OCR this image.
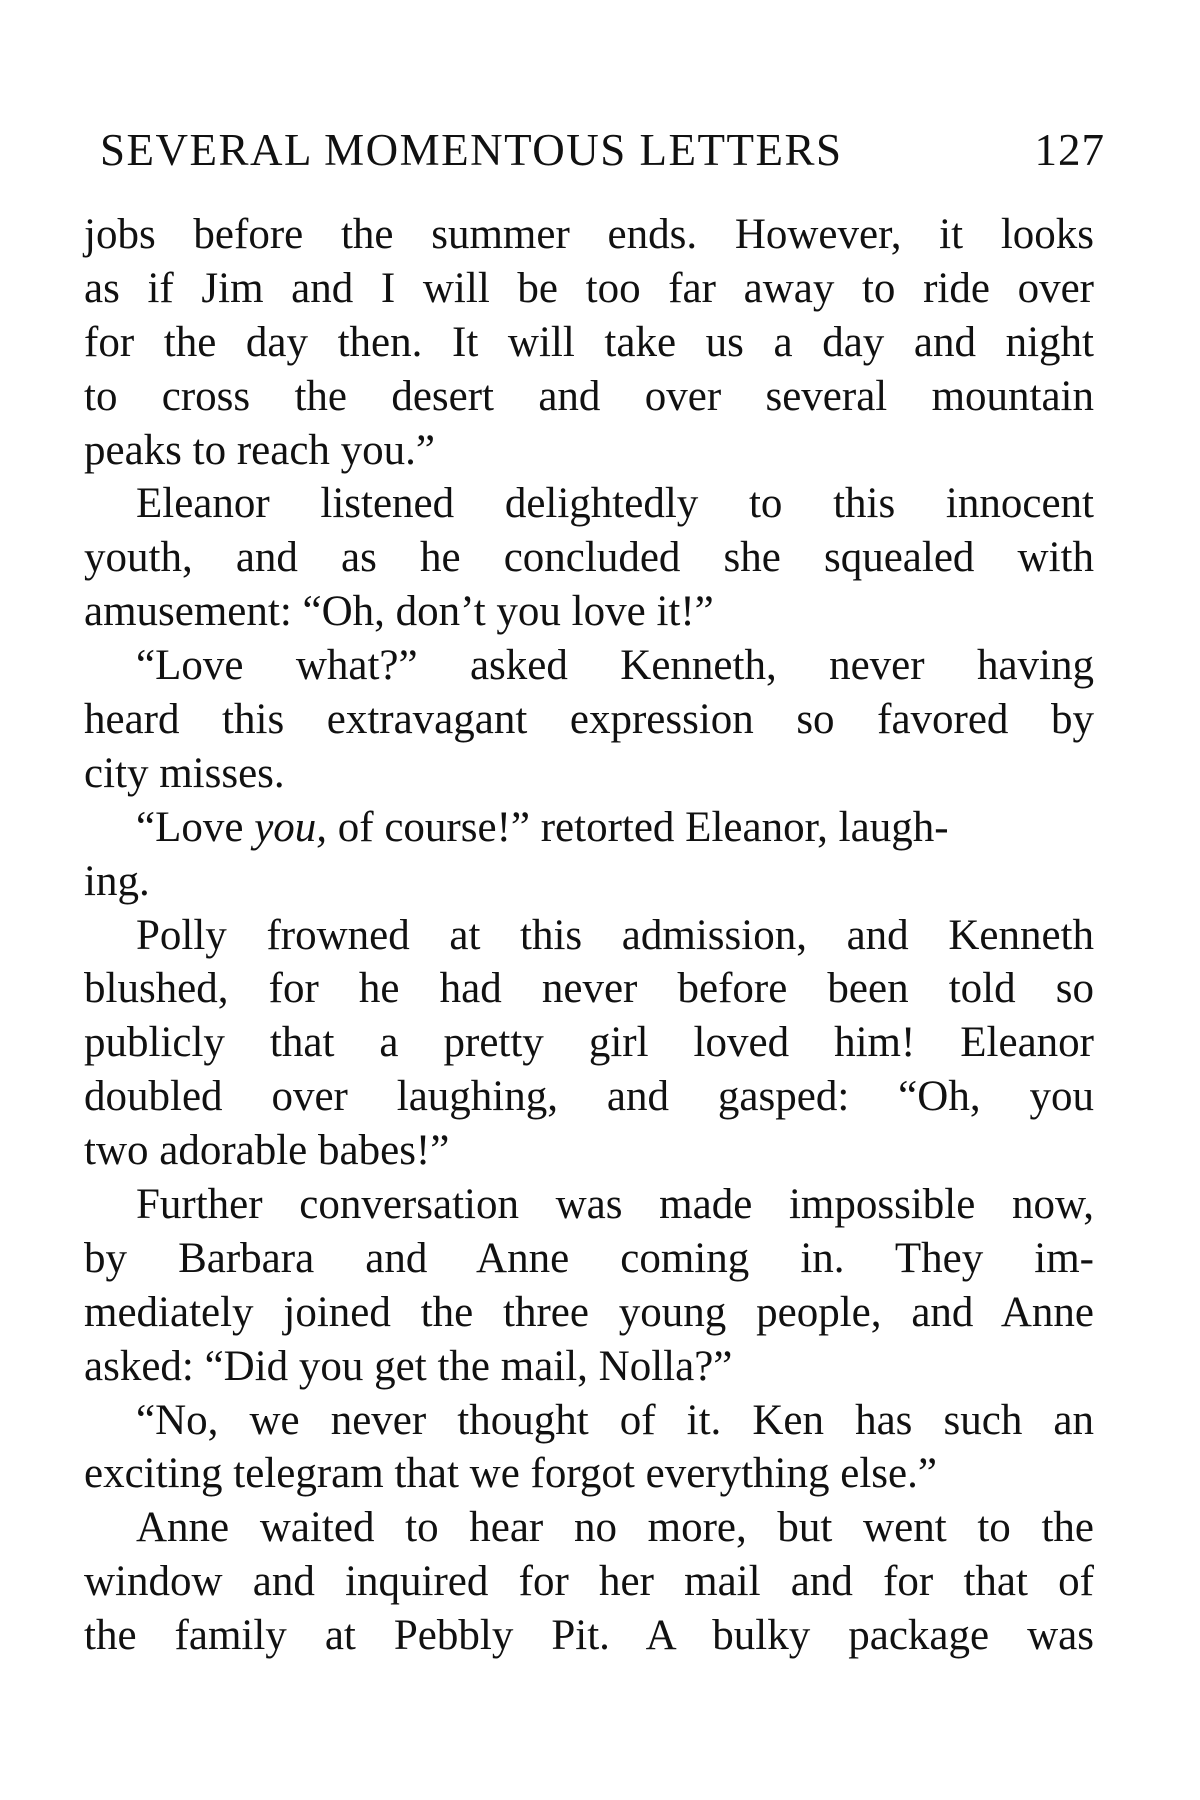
SEVERAL MOMENTOUS LETTERS	127
jobs before the summer ends. However, it looks
as if Jim and I will be too far away to ride over
for the day then. It will take us a day and night
to cross the desert and over several mountain
peaks to reach you.”
Eleanor listened delightedly to this innocent
youth, and as he concluded she squealed with
amusement: “Oh, don’t you love it!”
“Love what?” asked Kenneth, never having
heard this extravagant expression so favored by
city misses.
“Love you, of course!” retorted Eleanor, laugh-
ing.
Polly frowned at this admission, and Kenneth
blushed, for he had never before been told so
publicly that a pretty girl loved him! Eleanor
doubled over laughing, and gasped: “Oh, you
two adorable babes!”
Further conversation was made impossible now,
by Barbara and Anne coming in. They im-
mediately joined the three young people, and Anne
asked: “Did you get the mail, Nolla?”
“No, we never thought of it. Ken has such an
exciting telegram that we forgot everything else.”
Anne waited to hear no more, but went to the
window and inquired for her mail and for that of
the family at Pebbly Pit. A bulky package was
